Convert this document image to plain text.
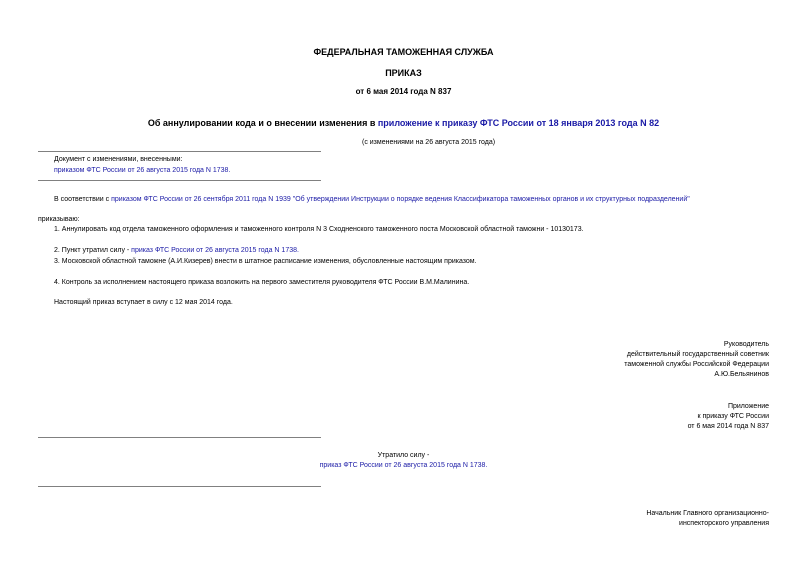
ФЕДЕРАЛЬНАЯ ТАМОЖЕННАЯ СЛУЖБА
ПРИКАЗ
от 6 мая 2014 года N 837
Об аннулировании кода и о внесении изменения в приложение к приказу ФТС России от 18 января 2013 года N 82
(с изменениями на 26 августа 2015 года)
Документ с изменениями, внесенными:
приказом ФТС России от 26 августа 2015 года N 1738.
В соответствии с приказом ФТС России от 26 сентября 2011 года N 1939 "Об утверждении Инструкции о порядке ведения Классификатора таможенных органов и их структурных подразделений"
приказываю:
1. Аннулировать код отдела таможенного оформления и таможенного контроля N 3 Сходненского таможенного поста Московской областной таможни - 10130173.
2. Пункт утратил силу - приказ ФТС России от 26 августа 2015 года N 1738.
3. Московской областной таможне (А.И.Кизерев) внести в штатное расписание изменения, обусловленные настоящим приказом.
4. Контроль за исполнением настоящего приказа возложить на первого заместителя руководителя ФТС России В.М.Малинина.
Настоящий приказ вступает в силу с 12 мая 2014 года.
Руководитель
действительный государственный советник
таможенной службы Российской Федерации
А.Ю.Бельянинов
Приложение
к приказу ФТС России
от 6 мая 2014 года N 837
Утратило силу -
приказ ФТС России от 26 августа 2015 года N 1738.
Начальник Главного организационно-
инспекторского управления
